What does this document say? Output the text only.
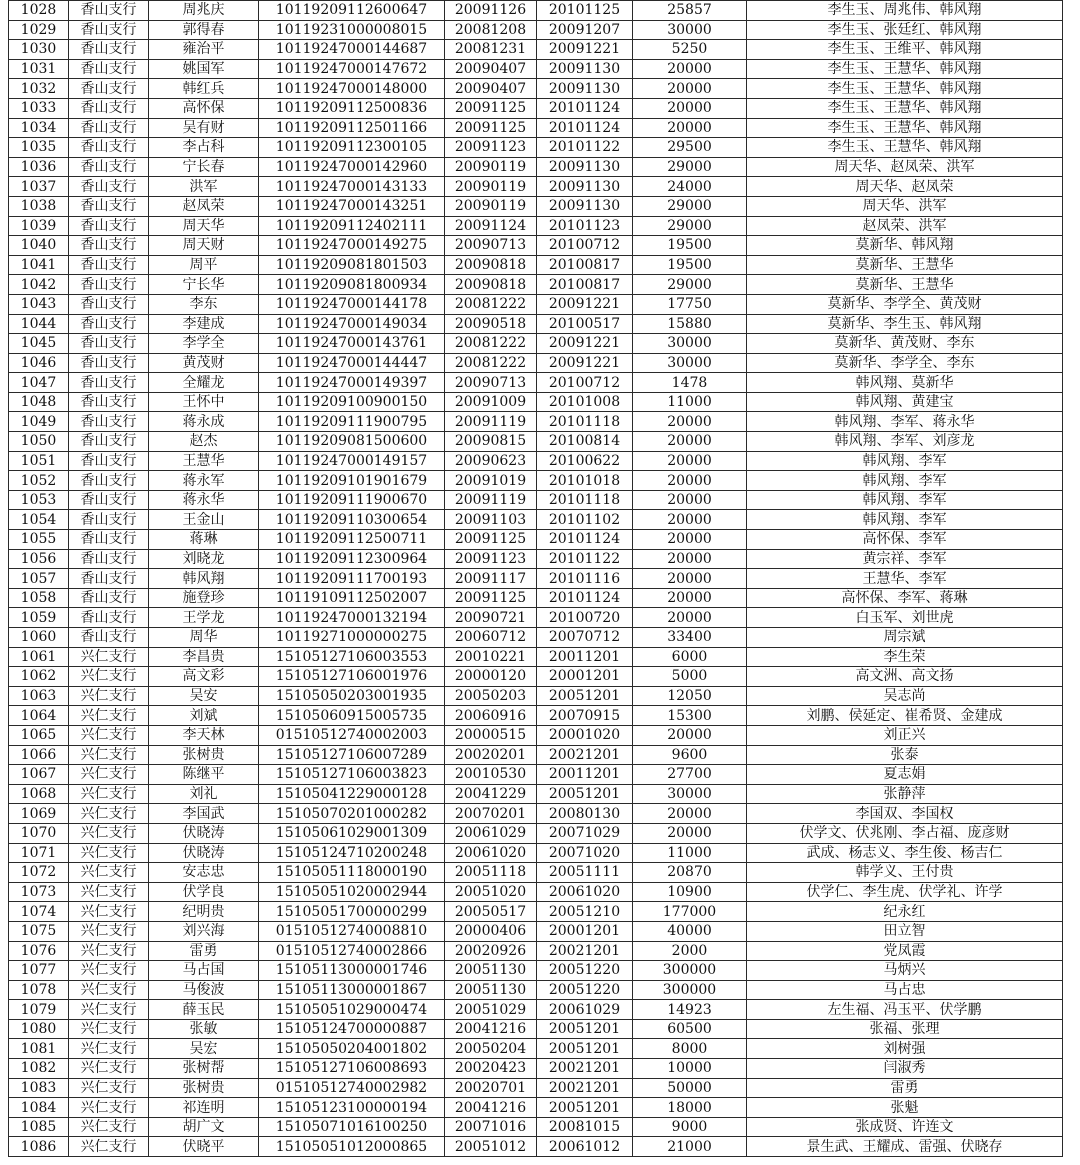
1028	香山支行	周兆庆	10119209112600647	20091126	20101125	25857	李生玉、周兆伟、韩风翔
1029	香山支行	郭得春	10119231000008015	20081208	20091207	30000	李生玉、张廷红、韩风翔
1030	香山支行	雍治平	10119247000144687	20081231	20091221	5250	李生玉、王维平、韩风翔
1031	香山支行	姚国军	10119247000147672	20090407	20091130	20000	李生玉、王慧华、韩风翔
1032	香山支行	韩红兵	10119247000148000	20090407	20091130	20000	李生玉、王慧华、韩风翔
1033	香山支行	高怀保	10119209112500836	20091125	20101124	20000	李生玉、王慧华、韩风翔
1034	香山支行	吴有财	10119209112501166	20091125	20101124	20000	李生玉、王慧华、韩风翔
1035	香山支行	李占科	10119209112300105	20091123	20101122	29500	李生玉、王慧华、韩风翔
1036	香山支行	宁长春	10119247000142960	20090119	20091130	29000	周天华、赵凤荣、洪军
1037	香山支行	洪军	10119247000143133	20090119	20091130	24000	周天华、赵凤荣
1038	香山支行	赵凤荣	10119247000143251	20090119	20091130	29000	周天华、洪军
1039	香山支行	周天华	10119209112402111	20091124	20101123	29000	赵凤荣、洪军
1040	香山支行	周天财	10119247000149275	20090713	20100712	19500	莫新华、韩风翔
1041	香山支行	周平	10119209081801503	20090818	20100817	19500	莫新华、王慧华
1042	香山支行	宁长华	10119209081800934	20090818	20100817	29000	莫新华、王慧华
1043	香山支行	李东	10119247000144178	20081222	20091221	17750	莫新华、李学全、黄茂财
1044	香山支行	李建成	10119247000149034	20090518	20100517	15880	莫新华、李生玉、韩风翔
1045	香山支行	李学全	10119247000143761	20081222	20091221	30000	莫新华、黄茂财、李东
1046	香山支行	黄茂财	10119247000144447	20081222	20091221	30000	莫新华、李学全、李东
1047	香山支行	全耀龙	10119247000149397	20090713	20100712	1478	韩风翔、莫新华
1048	香山支行	王怀中	10119209100900150	20091009	20101008	11000	韩风翔、黄建宝
1049	香山支行	蒋永成	10119209111900795	20091119	20101118	20000	韩风翔、李军、蒋永华
1050	香山支行	赵杰	10119209081500600	20090815	20100814	20000	韩风翔、李军、刘彦龙
1051	香山支行	王慧华	10119247000149157	20090623	20100622	20000	韩风翔、李军
1052	香山支行	蒋永军	10119209101901679	20091019	20101018	20000	韩风翔、李军
1053	香山支行	蒋永华	10119209111900670	20091119	20101118	20000	韩风翔、李军
1054	香山支行	王金山	10119209110300654	20091103	20101102	20000	韩风翔、李军
1055	香山支行	蒋琳	10119209112500711	20091125	20101124	20000	高怀保、李军
1056	香山支行	刘晓龙	10119209112300964	20091123	20101122	20000	黄宗祥、李军
1057	香山支行	韩风翔	10119209111700193	20091117	20101116	20000	王慧华、李军
1058	香山支行	施登珍	10119109112502007	20091125	20101124	20000	高怀保、李军、蒋琳
1059	香山支行	王学龙	10119247000132194	20090721	20100720	20000	白玉军、刘世虎
1060	香山支行	周华	10119271000000275	20060712	20070712	33400	周宗斌
1061	兴仁支行	李昌贵	15105127106003553	20010221	20011201	6000	李生荣
1062	兴仁支行	高文彩	15105127106001976	20000120	20001201	5000	高文洲、高文扬
1063	兴仁支行	吴安	15105050203001935	20050203	20051201	12050	吴志尚
1064	兴仁支行	刘斌	15105060915005735	20060916	20070915	15300	刘鹏、侯延定、崔希贤、金建成
1065	兴仁支行	李天林	01510512740002003	20000515	20001020	20000	刘正兴
1066	兴仁支行	张树贵	15105127106007289	20020201	20021201	9600	张泰
1067	兴仁支行	陈继平	15105127106003823	20010530	20011201	27700	夏志娟
1068	兴仁支行	刘礼	15105041229000128	20041229	20051201	30000	张静萍
1069	兴仁支行	李国武	15105070201000282	20070201	20080130	20000	李国双、李国权
1070	兴仁支行	伏晓涛	15105061029001309	20061029	20071029	20000	伏学文、伏兆刚、李占福、庞彦财
1071	兴仁支行	伏晓涛	15105124710200248	20061020	20071020	11000	武成、杨志义、李生俊、杨吉仁
1072	兴仁支行	安志忠	15105051118000190	20051118	20051111	20870	韩学义、王付贵
1073	兴仁支行	伏学良	15105051020002944	20051020	20061020	10900	伏学仁、李生虎、伏学礼、许学
1074	兴仁支行	纪明贵	15105051700000299	20050517	20051210	177000	纪永红
1075	兴仁支行	刘兴海	01510512740008810	20000406	20001201	40000	田立智
1076	兴仁支行	雷勇	01510512740002866	20020926	20021201	2000	党凤霞
1077	兴仁支行	马占国	15105113000001746	20051130	20051220	300000	马炳兴
1078	兴仁支行	马俊波	15105113000001867	20051130	20051220	300000	马占忠
1079	兴仁支行	薛玉民	15105051029000474	20051029	20061029	14923	左生福、冯玉平、伏学鹏
1080	兴仁支行	张敏	15105124700000887	20041216	20051201	60500	张福、张理
1081	兴仁支行	吴宏	15105050204001802	20050204	20051201	8000	刘树强
1082	兴仁支行	张树帮	15105127106008693	20020423	20021201	10000	闫淑秀
1083	兴仁支行	张树贵	01510512740002982	20020701	20021201	50000	雷勇
1084	兴仁支行	祁连明	15105123100000194	20041216	20051201	18000	张魁
1085	兴仁支行	胡广文	15105071016100250	20071016	20081015	9000	张成贤、许连文
1086	兴仁支行	伏晓平	15105051012000865	20051012	20061012	21000	景生武、王耀成、雷强、伏晓存
